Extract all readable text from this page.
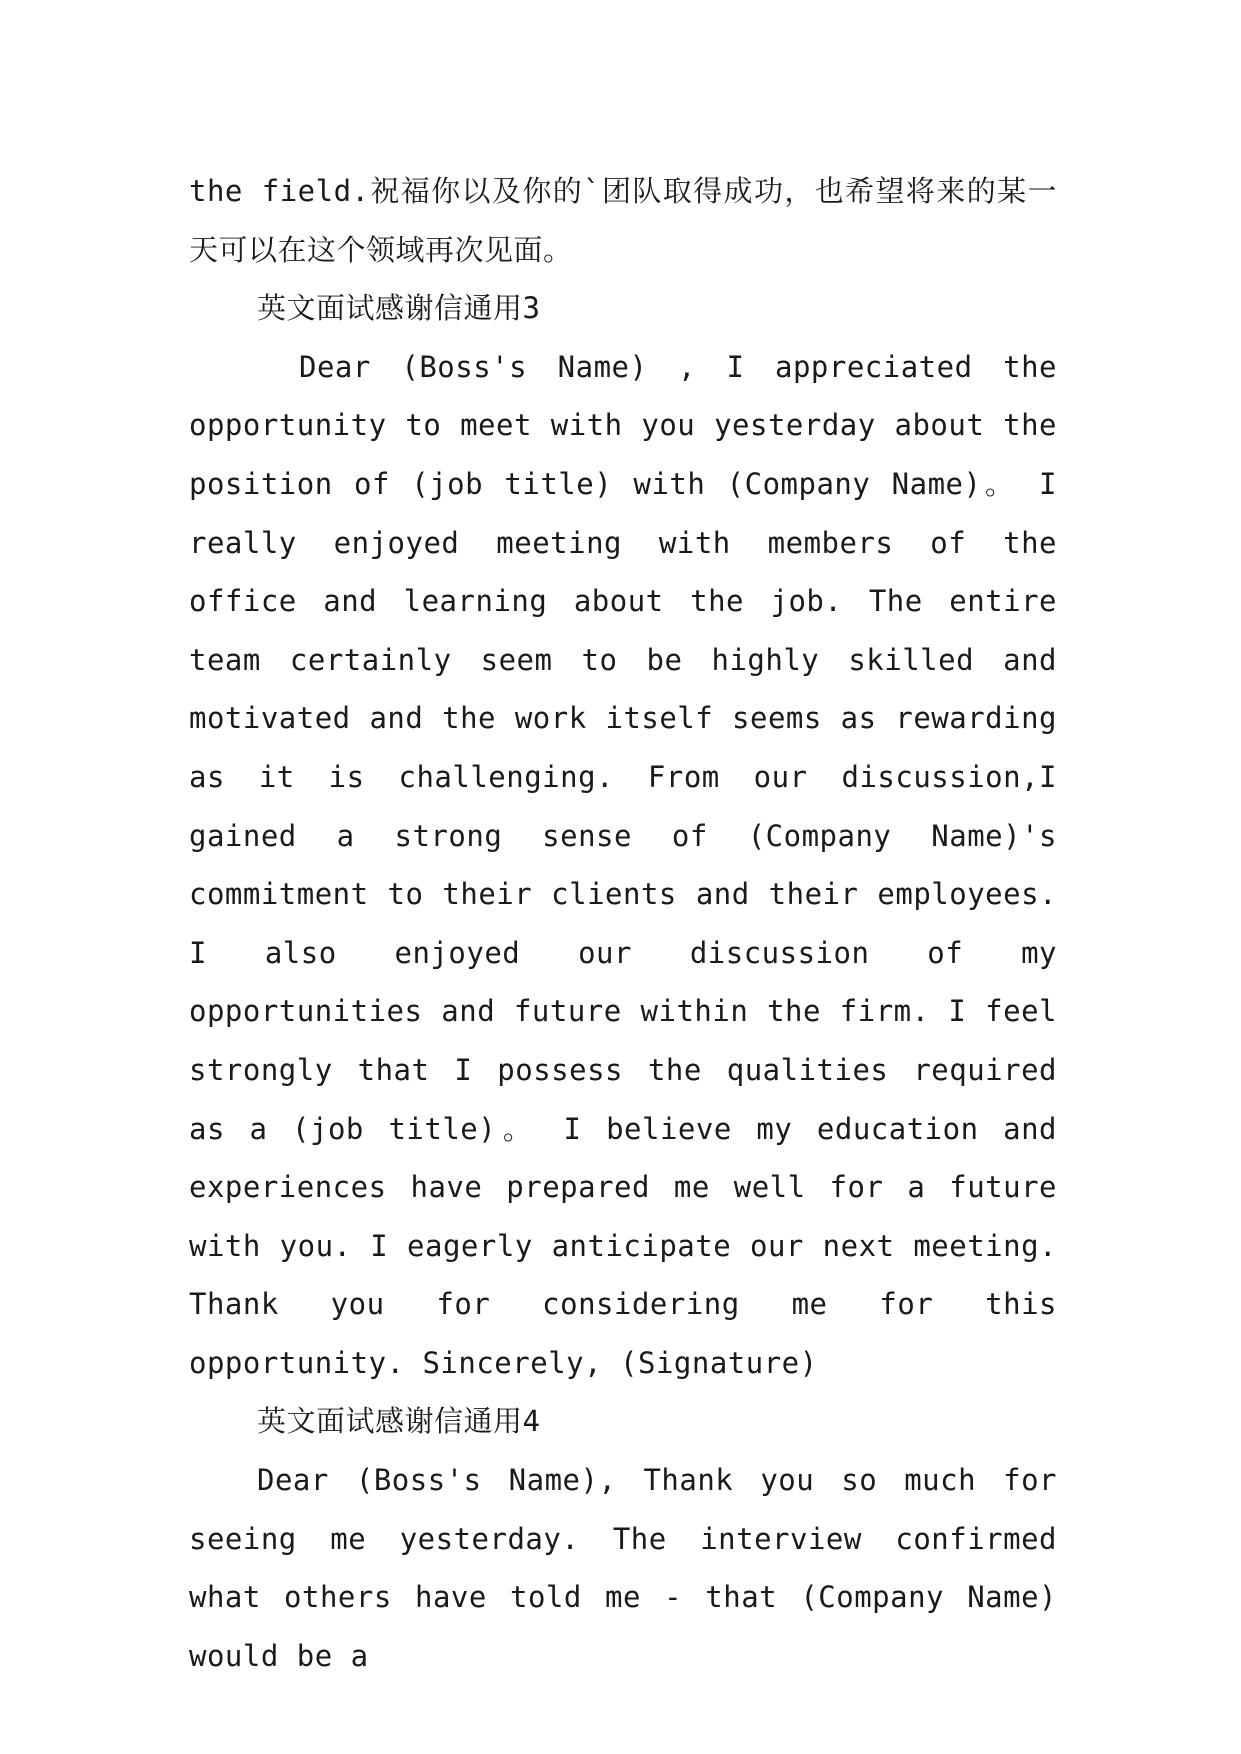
the field.祝福你以及你的`团队取得成功，也希望将来的某一天可以在这个领域再次见面。

英文面试感谢信通用3

Dear (Boss's Name) , I appreciated the opportunity to meet with you yesterday about the position of (job title) with (Company Name)。 I really enjoyed meeting with members of the office and learning about the job. The entire team certainly seem to be highly skilled and motivated and the work itself seems as rewarding as it is challenging. From our discussion,I gained a strong sense of (Company Name)'s commitment to their clients and their employees. I also enjoyed our discussion of my opportunities and future within the firm. I feel strongly that I possess the qualities required as a (job title)。 I believe my education and experiences have prepared me well for a future with you. I eagerly anticipate our next meeting. Thank you for considering me for this opportunity. Sincerely, (Signature)

英文面试感谢信通用4

Dear (Boss's Name), Thank you so much for seeing me yesterday. The interview confirmed what others have told me - that (Company Name) would be a
